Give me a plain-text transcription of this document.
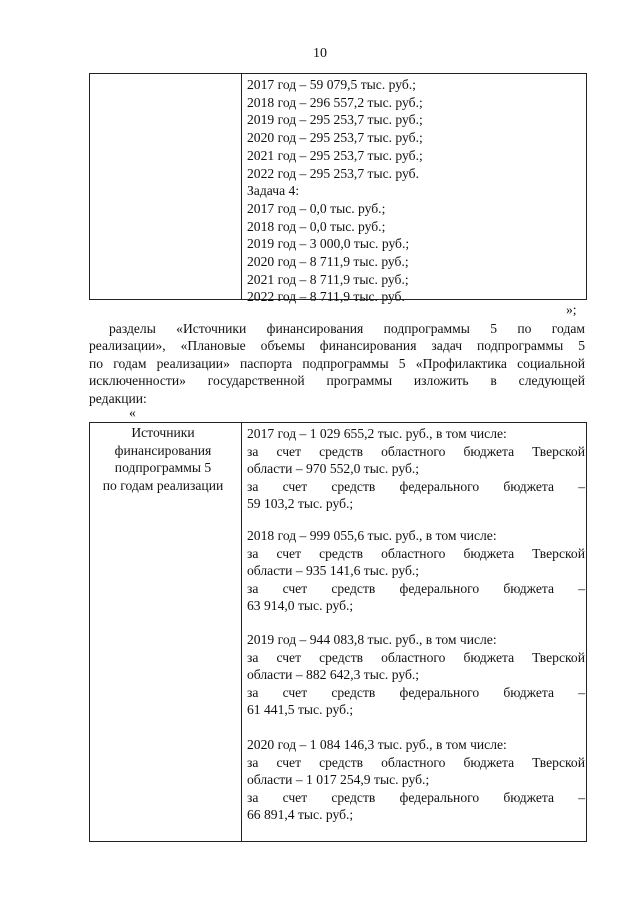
10
2017 год – 59 079,5 тыс. руб.;
2018 год – 296 557,2 тыс. руб.;
2019 год – 295 253,7 тыс. руб.;
2020 год – 295 253,7 тыс. руб.;
2021 год – 295 253,7 тыс. руб.;
2022 год – 295 253,7 тыс. руб.
Задача 4:
2017 год – 0,0 тыс. руб.;
2018 год – 0,0 тыс. руб.;
2019 год – 3 000,0 тыс. руб.;
2020 год – 8 711,9 тыс. руб.;
2021 год – 8 711,9 тыс. руб.;
2022 год – 8 711,9 тыс. руб.
»;
разделы «Источники финансирования подпрограммы 5 по годам
реализации», «Плановые объемы финансирования задач подпрограммы 5
по годам реализации» паспорта подпрограммы 5 «Профилактика социальной
исключенности» государственной программы изложить в следующей
редакции:
«
Источники
финансирования
подпрограммы 5
по годам реализации
2017 год – 1 029 655,2 тыс. руб., в том числе:
за счет средств областного бюджета Тверской
области – 970 552,0 тыс. руб.;
за счет средств федерального бюджета –
59 103,2 тыс. руб.;
2018 год – 999 055,6 тыс. руб., в том числе:
за счет средств областного бюджета Тверской
области – 935 141,6 тыс. руб.;
за счет средств федерального бюджета –
63 914,0 тыс. руб.;
2019 год – 944 083,8 тыс. руб., в том числе:
за счет средств областного бюджета Тверской
области – 882 642,3 тыс. руб.;
за счет средств федерального бюджета –
61 441,5 тыс. руб.;
2020 год – 1 084 146,3 тыс. руб., в том числе:
за счет средств областного бюджета Тверской
области – 1 017 254,9 тыс. руб.;
за счет средств федерального бюджета –
66 891,4 тыс. руб.;
